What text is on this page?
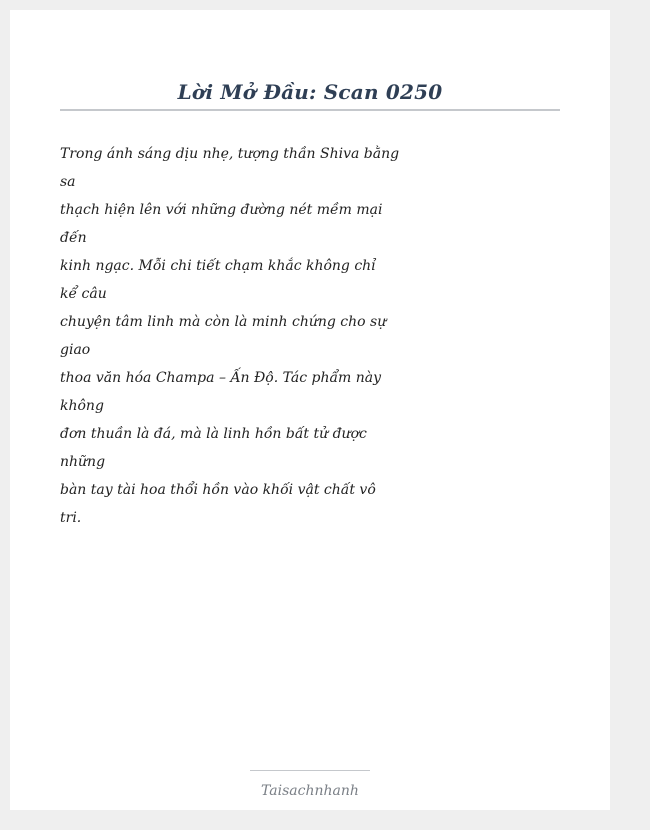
Lời Mở Đầu: Scan 0250
Trong ánh sáng dịu nhẹ, tượng thần Shiva bằng
sa
thạch hiện lên với những đường nét mềm mại
đến
kinh ngạc. Mỗi chi tiết chạm khắc không chỉ
kể câu
chuyện tâm linh mà còn là minh chứng cho sự
giao
thoa văn hóa Champa – Ấn Độ. Tác phẩm này
không
đơn thuần là đá, mà là linh hồn bất tử được
những
bàn tay tài hoa thổi hồn vào khối vật chất vô
tri.
Taisachnhanh
